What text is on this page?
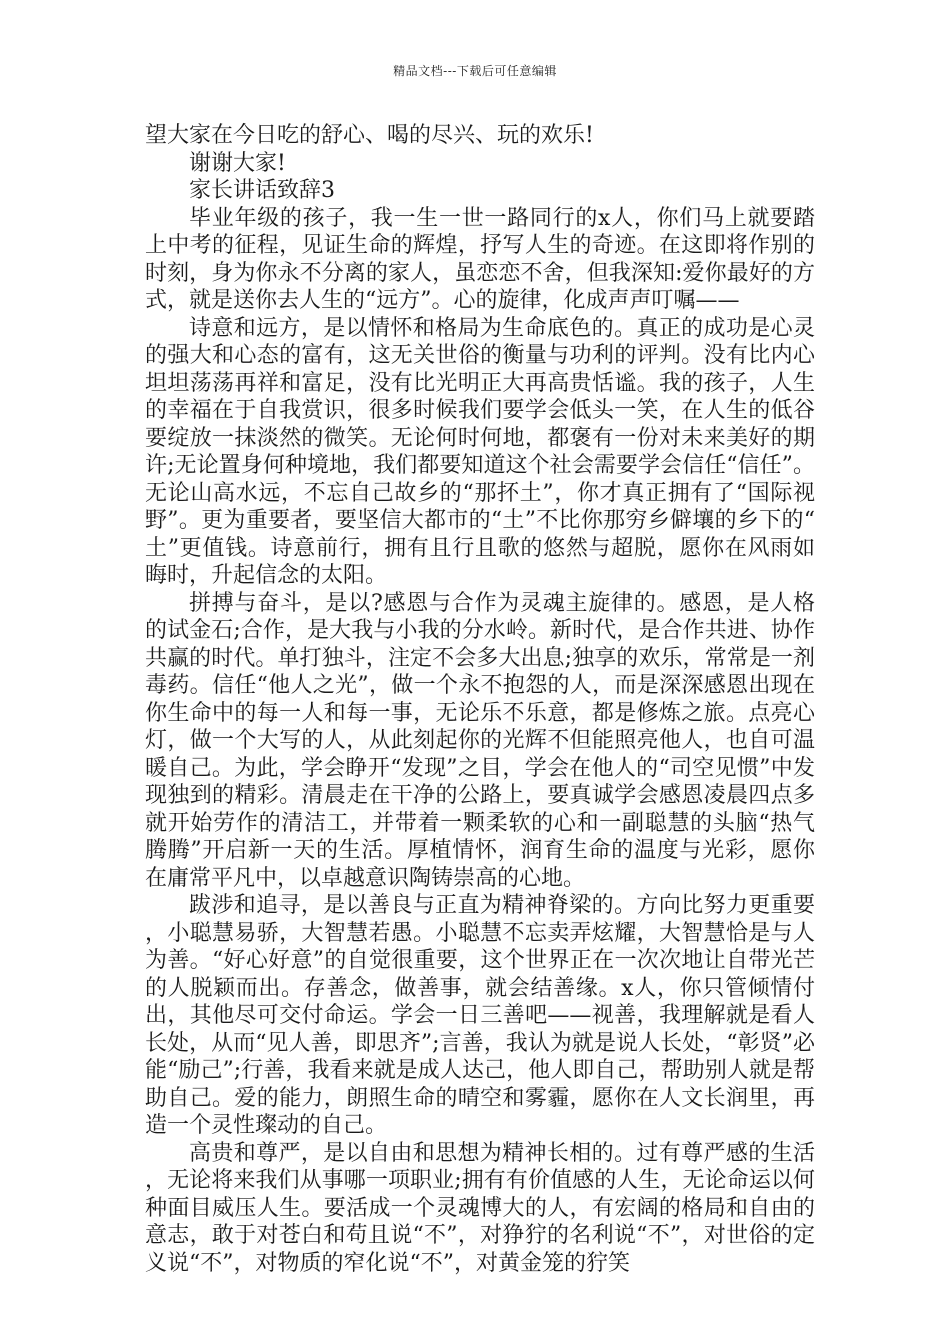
精品文档---下载后可任意编辑

望大家在今日吃的舒心、喝的尽兴、玩的欢乐!

谢谢大家!

家长讲话致辞3

毕业年级的孩子，我一生一世一路同行的x人，你们马上就要踏上中考的征程，见证生命的辉煌，抒写人生的奇迹。在这即将作别的时刻，身为你永不分离的家人，虽恋恋不舍，但我深知:爱你最好的方式，就是送你去人生的“远方”。心的旋律，化成声声叮嘱——

诗意和远方，是以情怀和格局为生命底色的。真正的成功是心灵的强大和心态的富有，这无关世俗的衡量与功利的评判。没有比内心坦坦荡荡再祥和富足，没有比光明正大再高贵恬谧。我的孩子，人生的幸福在于自我赏识，很多时候我们要学会低头一笑，在人生的低谷要绽放一抹淡然的微笑。无论何时何地，都褒有一份对未来美好的期许;无论置身何种境地，我们都要知道这个社会需要学会信任“信任”。无论山高水远，不忘自己故乡的“那抔土”，你才真正拥有了“国际视野”。更为重要者，要坚信大都市的“土”不比你那穷乡僻壤的乡下的“土”更值钱。诗意前行，拥有且行且歌的悠然与超脱，愿你在风雨如晦时，升起信念的太阳。

拼搏与奋斗，是以?感恩与合作为灵魂主旋律的。感恩，是人格的试金石;合作，是大我与小我的分水岭。新时代，是合作共进、协作共赢的时代。单打独斗，注定不会多大出息;独享的欢乐，常常是一剂毒药。信任“他人之光”，做一个永不抱怨的人，而是深深感恩出现在你生命中的每一人和每一事，无论乐不乐意，都是修炼之旅。点亮心灯，做一个大写的人，从此刻起你的光辉不但能照亮他人，也自可温暖自己。为此，学会睁开“发现”之目，学会在他人的“司空见惯”中发现独到的精彩。清晨走在干净的公路上，要真诚学会感恩凌晨四点多就开始劳作的清洁工，并带着一颗柔软的心和一副聪慧的头脑“热气腾腾”开启新一天的生活。厚植情怀，润育生命的温度与光彩，愿你在庸常平凡中，以卓越意识陶铸崇高的心地。

跋涉和追寻，是以善良与正直为精神脊梁的。方向比努力更重要，小聪慧易骄，大智慧若愚。小聪慧不忘卖弄炫耀，大智慧恰是与人为善。“好心好意”的自觉很重要，这个世界正在一次次地让自带光芒的人脱颖而出。存善念，做善事，就会结善缘。x人，你只管倾情付出，其他尽可交付命运。学会一日三善吧——视善，我理解就是看人长处，从而“见人善，即思齐”;言善，我认为就是说人长处，“彰贤”必能“励己”;行善，我看来就是成人达己，他人即自己，帮助别人就是帮助自己。爱的能力，朗照生命的晴空和雾霾，愿你在人文长润里，再造一个灵性璨动的自己。

高贵和尊严，是以自由和思想为精神长相的。过有尊严感的生活，无论将来我们从事哪一项职业;拥有有价值感的人生，无论命运以何种面目威压人生。要活成一个灵魂博大的人，有宏阔的格局和自由的意志，敢于对苍白和苟且说“不”，对狰狞的名利说“不”，对世俗的定义说“不”，对物质的窄化说“不”，对黄金笼的狞笑
